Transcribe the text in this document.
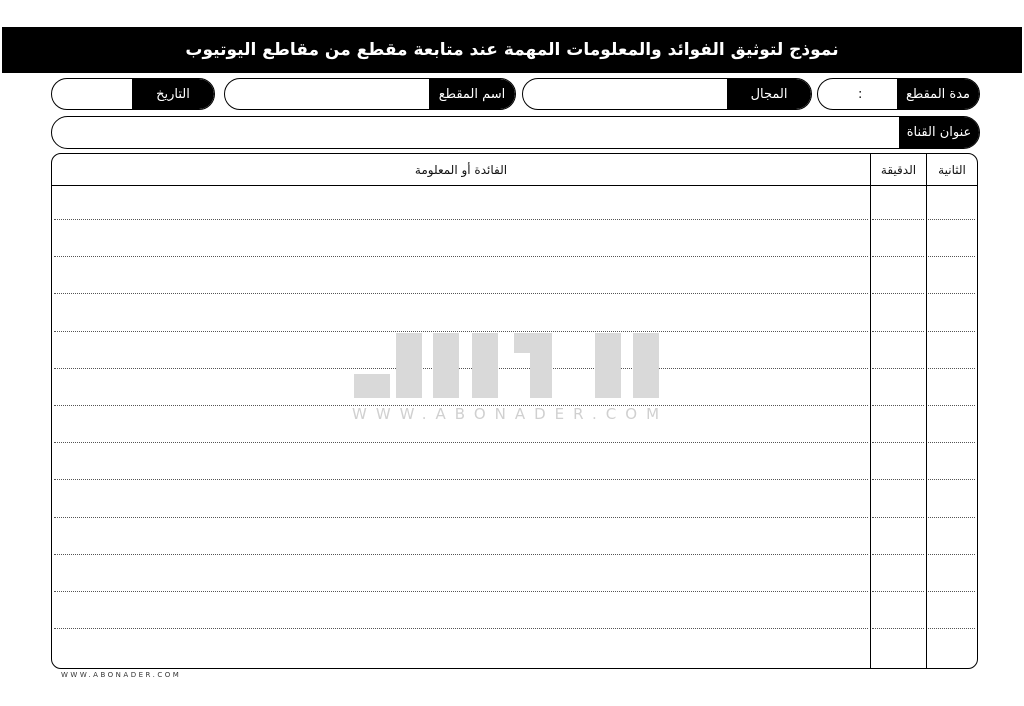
نموذج لتوثيق الفوائد والمعلومات المهمة عند متابعة مقطع من مقاطع اليوتيوب
مدة المقطع
:
المجال
اسم المقطع
التاريخ
عنوان القناة
الثانية
الدقيقة
الفائدة أو المعلومة
WWW.ABONADER.COM
WWW.ABONADER.COM
